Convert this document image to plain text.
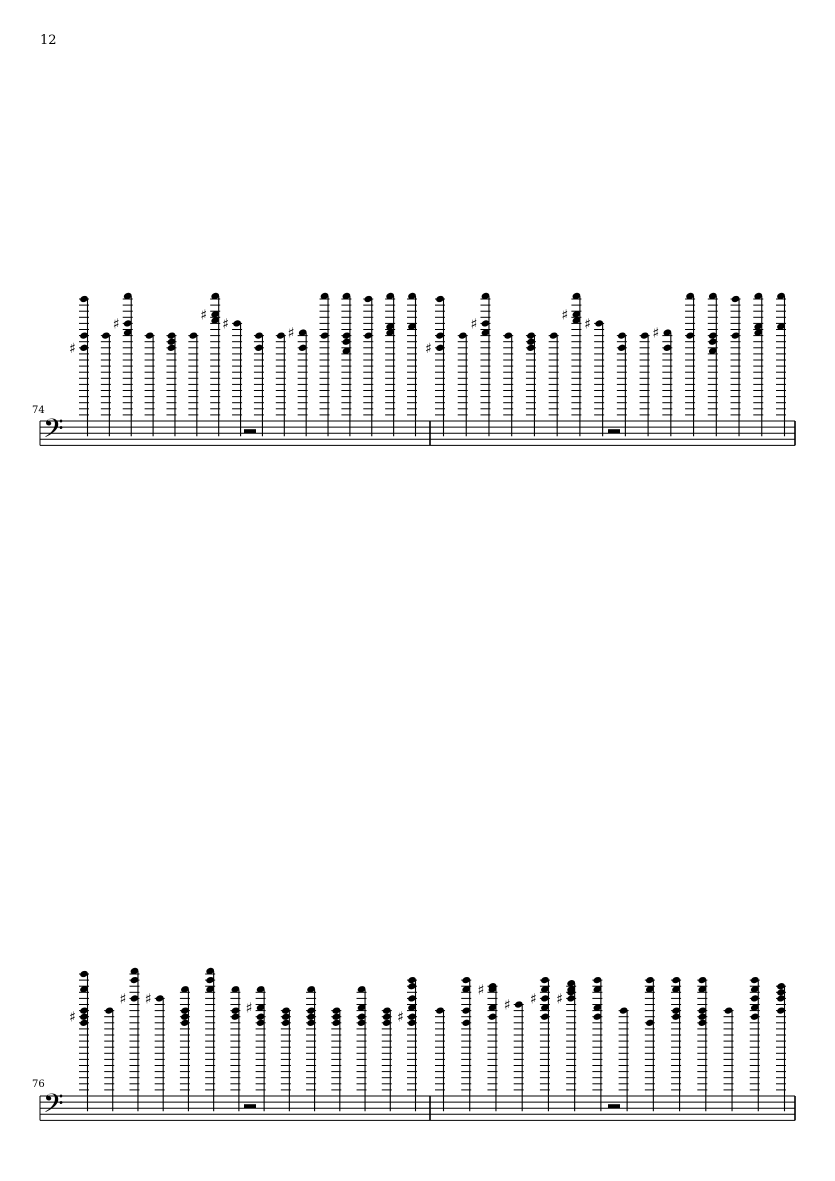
12
74
76
𝄢
♯
♯
♯
♯
♯
♯
♯
♯
♯
♯
𝄢
♯
♯ ♯
♯
♯
♯
♯ ♯ ♯
